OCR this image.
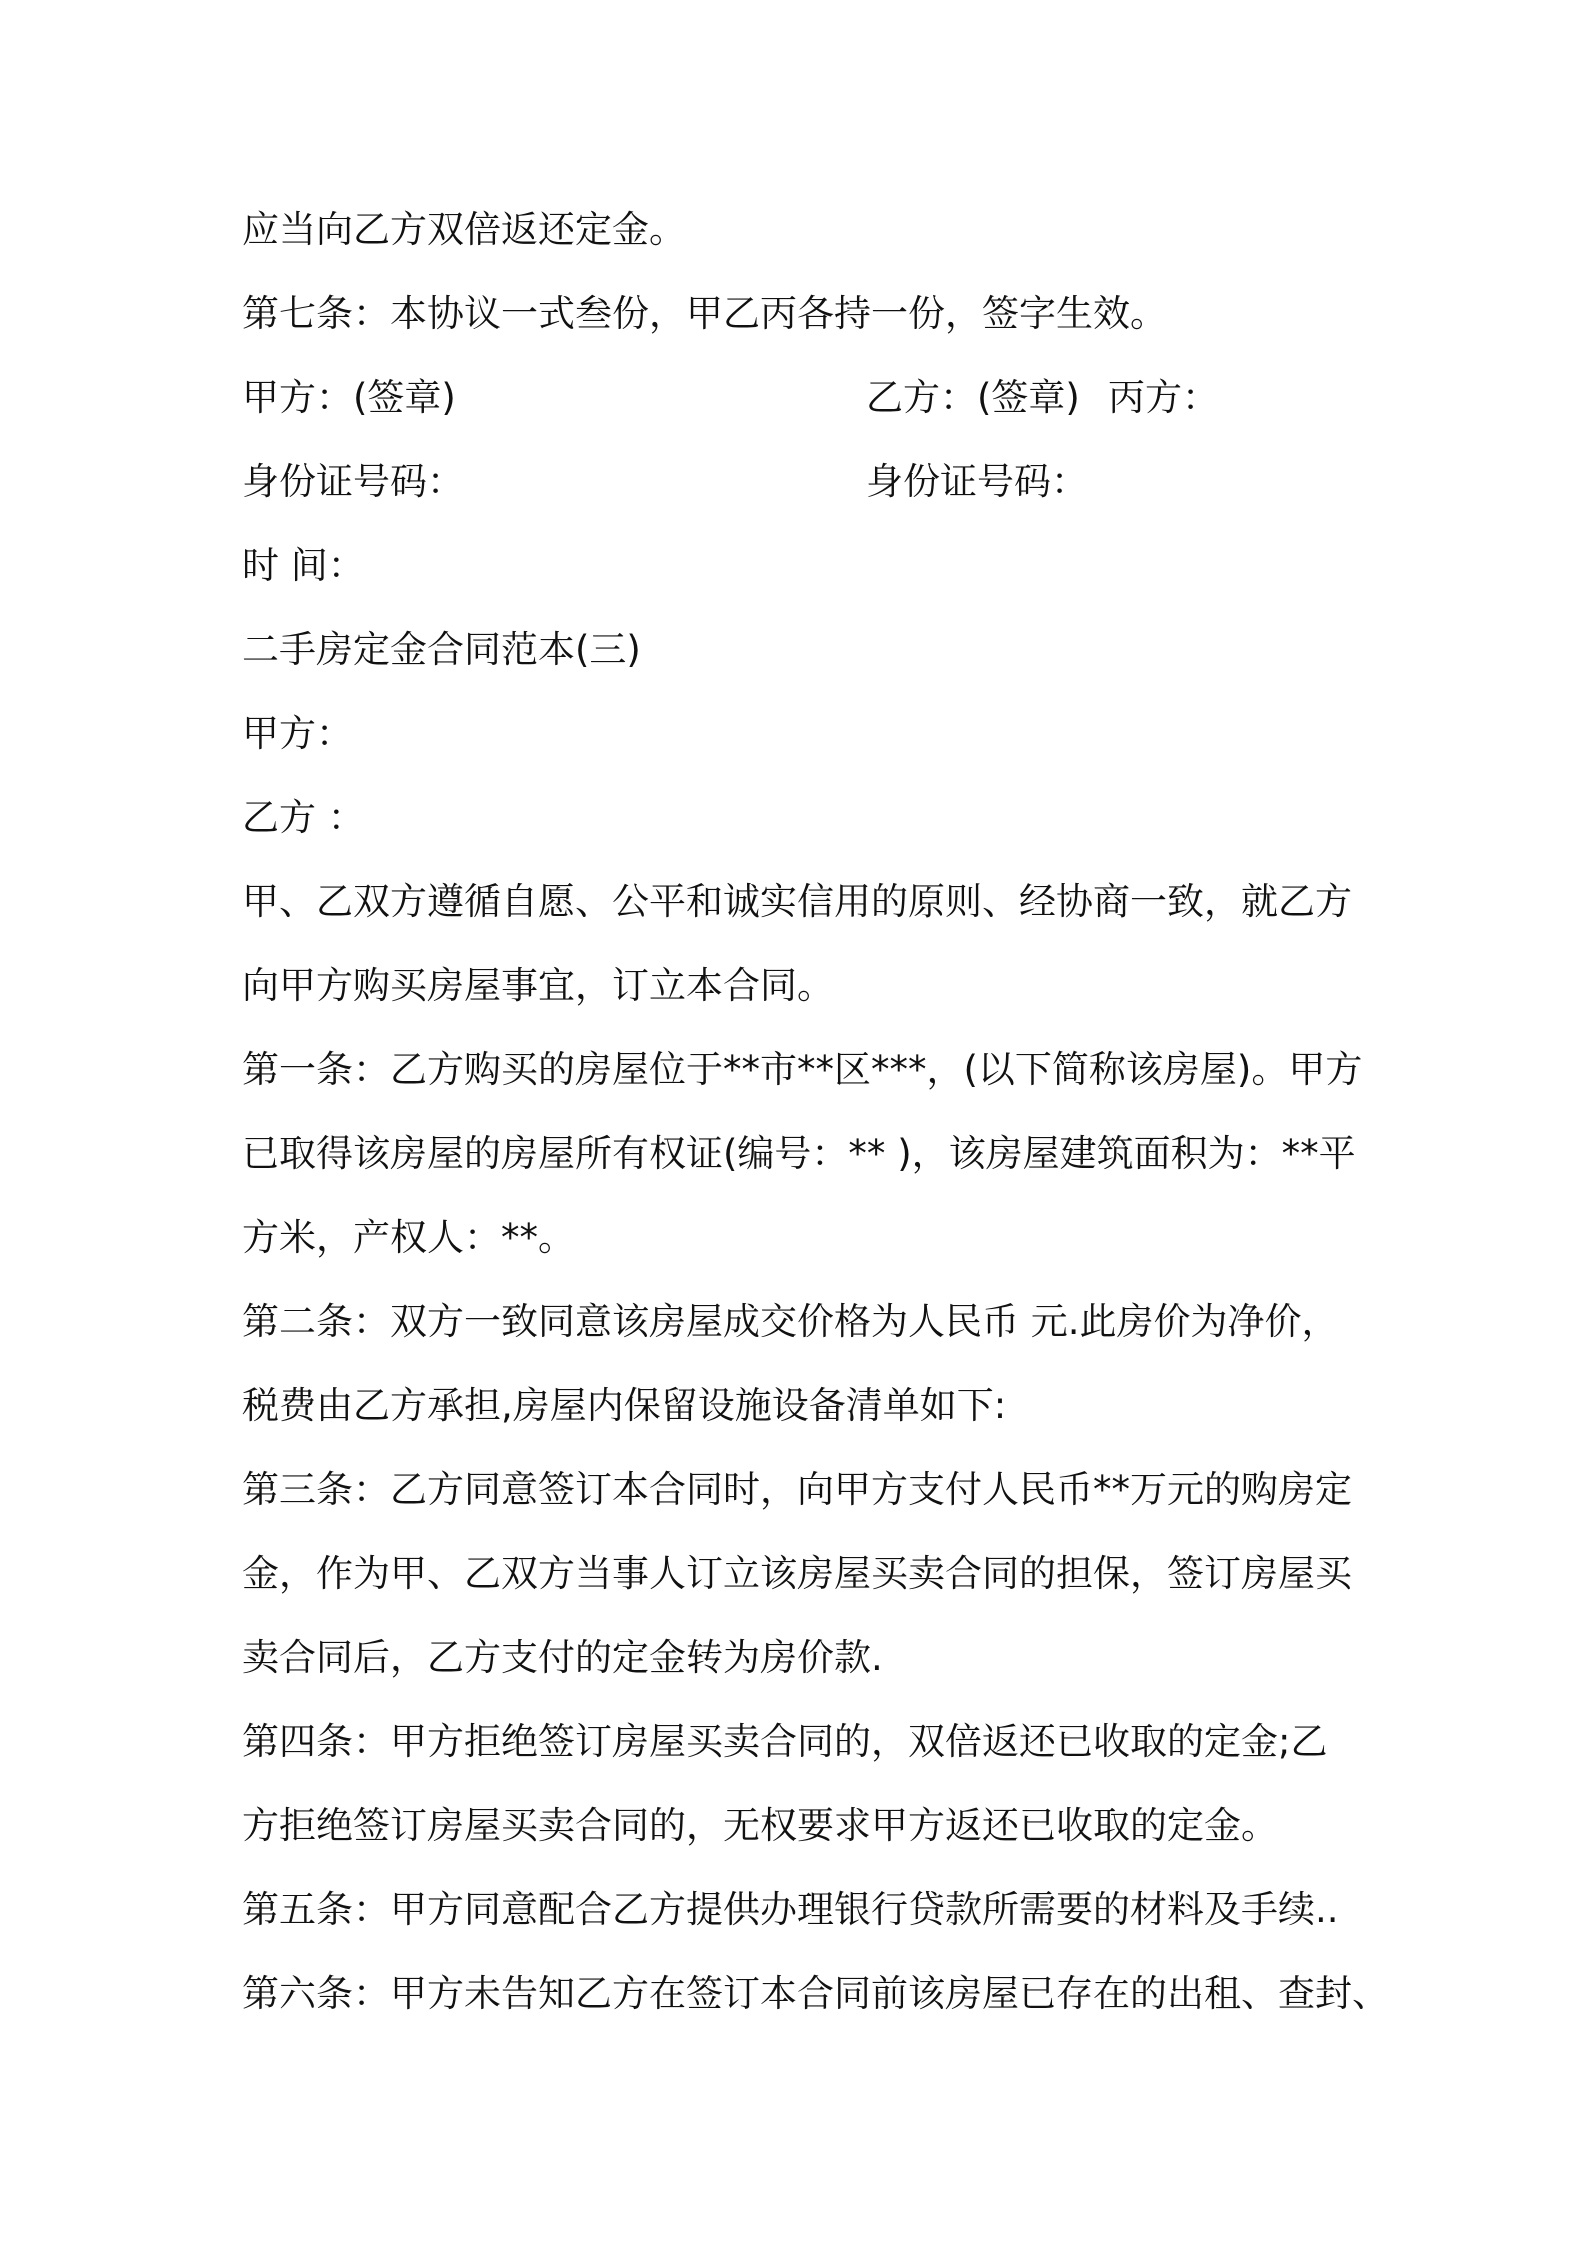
应当向乙方双倍返还定金。
第七条：本协议一式叁份，甲乙丙各持一份，签字生效。
甲方：(签章)	乙方：(签章) 丙方：
身份证号码：	身份证号码：
时 间：
二手房定金合同范本(三)
甲方：
乙方 ：
甲、乙双方遵循自愿、公平和诚实信用的原则、经协商一致，就乙方
向甲方购买房屋事宜，订立本合同。
第一条：乙方购买的房屋位于**市**区***，(以下简称该房屋)。甲方
已取得该房屋的房屋所有权证(编号：** )，该房屋建筑面积为：**平
方米，产权人：**。
第二条：双方一致同意该房屋成交价格为人民币 元.此房价为净价，
税费由乙方承担,房屋内保留设施设备清单如下:
第三条：乙方同意签订本合同时，向甲方支付人民币**万元的购房定
金，作为甲、乙双方当事人订立该房屋买卖合同的担保，签订房屋买
卖合同后，乙方支付的定金转为房价款.
第四条：甲方拒绝签订房屋买卖合同的，双倍返还已收取的定金;乙
方拒绝签订房屋买卖合同的，无权要求甲方返还已收取的定金。
第五条：甲方同意配合乙方提供办理银行贷款所需要的材料及手续..
第六条：甲方未告知乙方在签订本合同前该房屋已存在的出租、查封、
